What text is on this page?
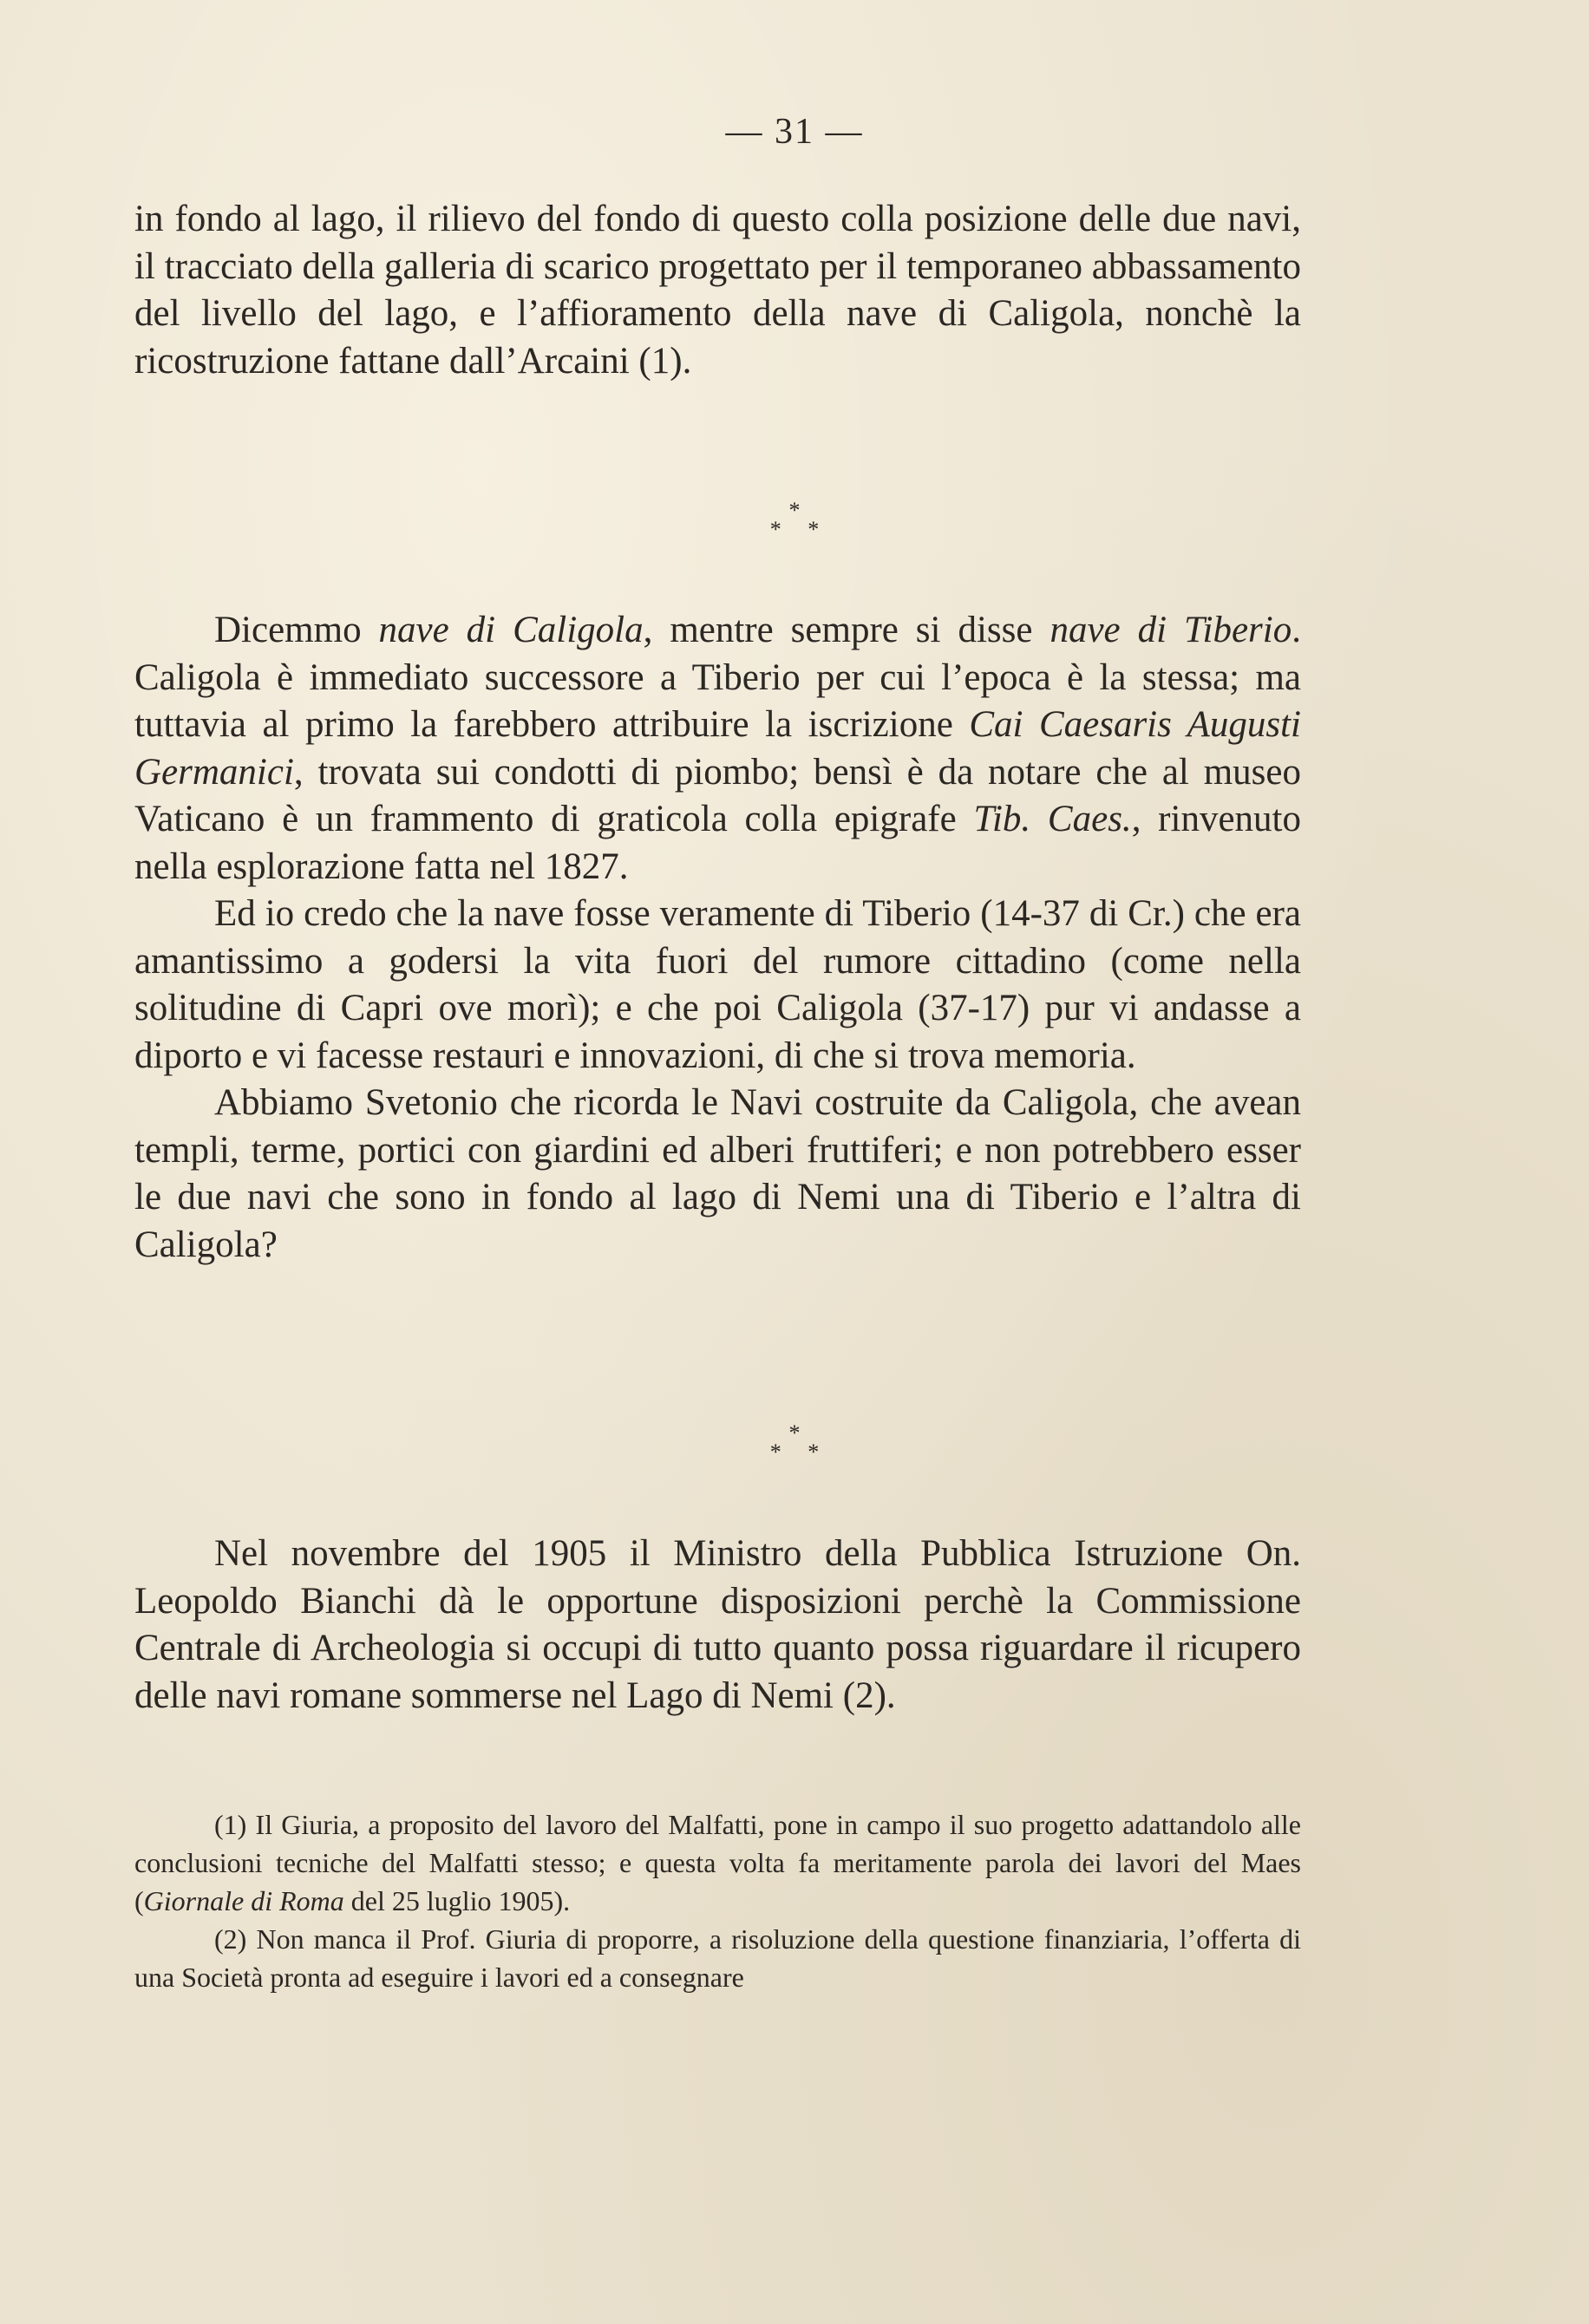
— 31 —

in fondo al lago, il rilievo del fondo di questo colla posizione delle due navi, il tracciato della galleria di scarico progettato per il temporaneo abbassamento del livello del lago, e l’affioramento della nave di Caligola, nonchè la ricostruzione fattane dall’Arcaini (1).

*
* *

Dicemmo nave di Caligola, mentre sempre si disse nave di Tiberio. Caligola è immediato successore a Tiberio per cui l’epoca è la stessa; ma tuttavia al primo la farebbero attribuire la iscrizione Cai Caesaris Augusti Germanici, trovata sui condotti di piombo; bensì è da notare che al museo Vaticano è un frammento di graticola colla epigrafe Tib. Caes., rinvenuto nella esplorazione fatta nel 1827.

Ed io credo che la nave fosse veramente di Tiberio (14-37 di Cr.) che era amantissimo a godersi la vita fuori del rumore cittadino (come nella solitudine di Capri ove morì); e che poi Caligola (37-17) pur vi andasse a diporto e vi facesse restauri e innovazioni, di che si trova memoria.

Abbiamo Svetonio che ricorda le Navi costruite da Caligola, che avean templi, terme, portici con giardini ed alberi fruttiferi; e non potrebbero esser le due navi che sono in fondo al lago di Nemi una di Tiberio e l’altra di Caligola?

*
* *

Nel novembre del 1905 il Ministro della Pubblica Istruzione On. Leopoldo Bianchi dà le opportune disposizioni perchè la Commissione Centrale di Archeologia si occupi di tutto quanto possa riguardare il ricupero delle navi romane sommerse nel Lago di Nemi (2).

(1) Il Giuria, a proposito del lavoro del Malfatti, pone in campo il suo progetto adattandolo alle conclusioni tecniche del Malfatti stesso; e questa volta fa meritamente parola dei lavori del Maes (Giornale di Roma del 25 luglio 1905).

(2) Non manca il Prof. Giuria di proporre, a risoluzione della questione finanziaria, l’offerta di una Società pronta ad eseguire i lavori ed a consegnare
